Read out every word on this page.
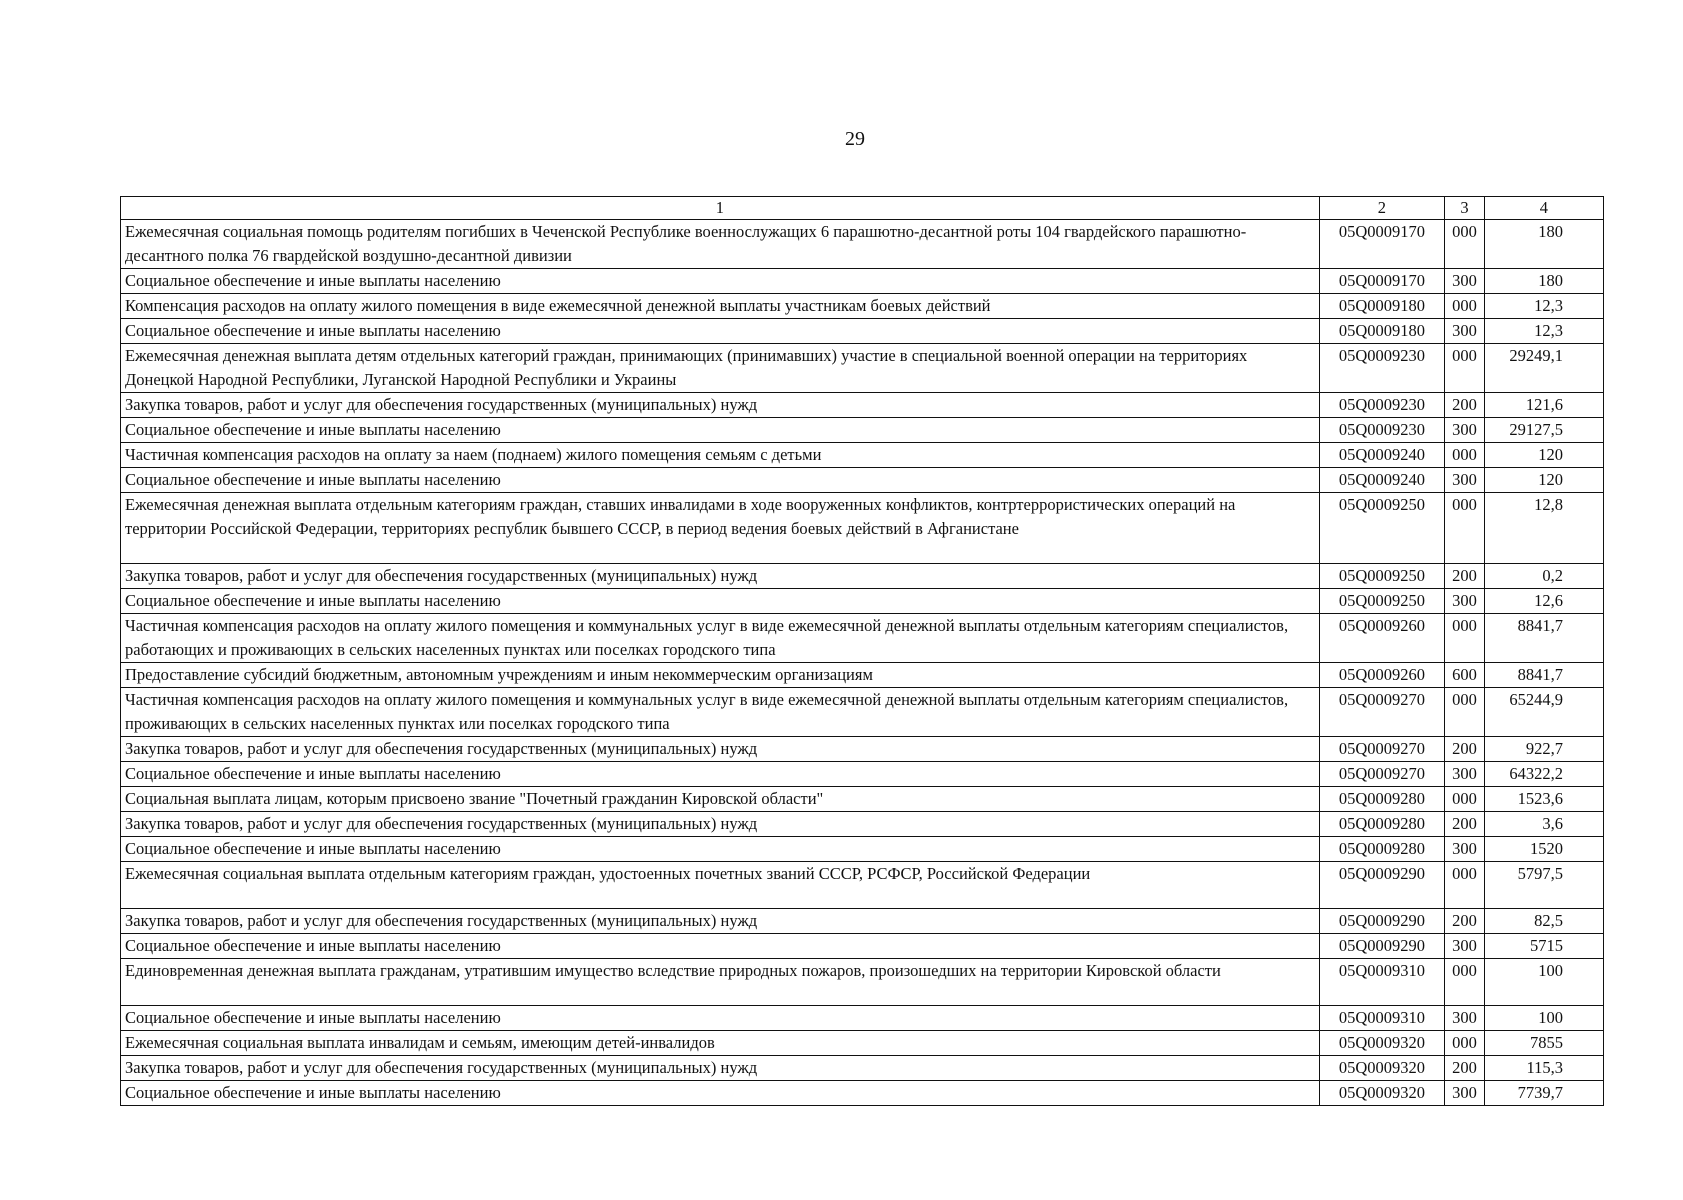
29
1	2	3	4
Ежемесячная социальная помощь родителям погибших в Чеченской Республике военнослужащих 6 парашютно-десантной роты 104 гвардейского парашютно-десантного полка 76 гвардейской воздушно-десантной дивизии	05Q0009170	000	180
Социальное обеспечение и иные выплаты населению	05Q0009170	300	180
Компенсация расходов на оплату жилого помещения в виде ежемесячной денежной выплаты участникам боевых действий	05Q0009180	000	12,3
Социальное обеспечение и иные выплаты населению	05Q0009180	300	12,3
Ежемесячная денежная выплата детям отдельных категорий граждан, принимающих (принимавших) участие в специальной военной операции на территориях Донецкой Народной Республики, Луганской Народной Республики и Украины	05Q0009230	000	29249,1
Закупка товаров, работ и услуг для обеспечения государственных (муниципальных) нужд	05Q0009230	200	121,6
Социальное обеспечение и иные выплаты населению	05Q0009230	300	29127,5
Частичная компенсация расходов на оплату за наем (поднаем) жилого помещения семьям с детьми	05Q0009240	000	120
Социальное обеспечение и иные выплаты населению	05Q0009240	300	120
Ежемесячная денежная выплата отдельным категориям граждан, ставших инвалидами в ходе вооруженных конфликтов, контртеррористических операций на территории Российской Федерации, территориях республик бывшего СССР, в период ведения боевых действий в Афганистане	05Q0009250	000	12,8
Закупка товаров, работ и услуг для обеспечения государственных (муниципальных) нужд	05Q0009250	200	0,2
Социальное обеспечение и иные выплаты населению	05Q0009250	300	12,6
Частичная компенсация расходов на оплату жилого помещения и коммунальных услуг в виде ежемесячной денежной выплаты отдельным категориям специалистов, работающих и проживающих в сельских населенных пунктах или поселках городского типа	05Q0009260	000	8841,7
Предоставление субсидий бюджетным, автономным учреждениям и иным некоммерческим организациям	05Q0009260	600	8841,7
Частичная компенсация расходов на оплату жилого помещения и коммунальных услуг в виде ежемесячной денежной выплаты отдельным категориям специалистов, проживающих в сельских населенных пунктах или поселках городского типа	05Q0009270	000	65244,9
Закупка товаров, работ и услуг для обеспечения государственных (муниципальных) нужд	05Q0009270	200	922,7
Социальное обеспечение и иные выплаты населению	05Q0009270	300	64322,2
Социальная выплата лицам, которым присвоено звание "Почетный гражданин Кировской области"	05Q0009280	000	1523,6
Закупка товаров, работ и услуг для обеспечения государственных (муниципальных) нужд	05Q0009280	200	3,6
Социальное обеспечение и иные выплаты населению	05Q0009280	300	1520
Ежемесячная социальная выплата отдельным категориям граждан, удостоенных почетных званий СССР, РСФСР, Российской Федерации	05Q0009290	000	5797,5
Закупка товаров, работ и услуг для обеспечения государственных (муниципальных) нужд	05Q0009290	200	82,5
Социальное обеспечение и иные выплаты населению	05Q0009290	300	5715
Единовременная денежная выплата гражданам, утратившим имущество вследствие природных пожаров, произошедших на территории Кировской области	05Q0009310	000	100
Социальное обеспечение и иные выплаты населению	05Q0009310	300	100
Ежемесячная социальная выплата инвалидам и семьям, имеющим детей-инвалидов	05Q0009320	000	7855
Закупка товаров, работ и услуг для обеспечения государственных (муниципальных) нужд	05Q0009320	200	115,3
Социальное обеспечение и иные выплаты населению	05Q0009320	300	7739,7
